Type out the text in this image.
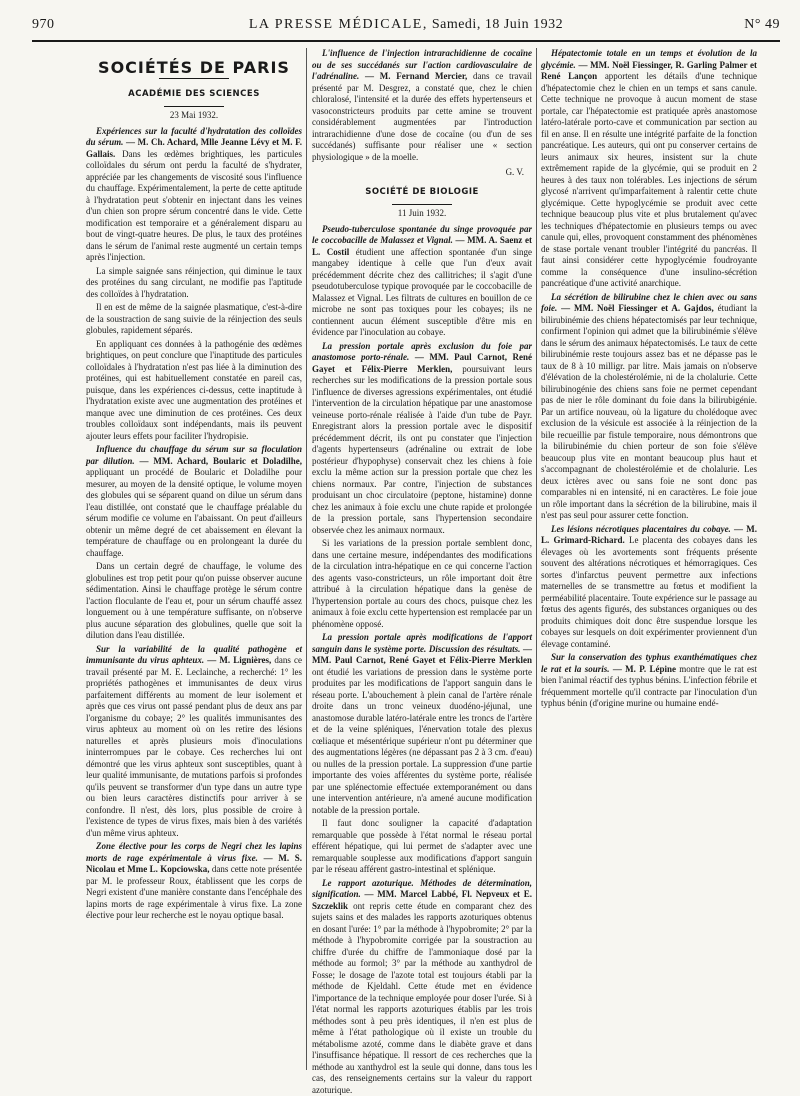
970	LA PRESSE MÉDICALE, Samedi, 18 Juin 1932	N° 49
SOCIÉTÉS DE PARIS
ACADÉMIE DES SCIENCES
23 Mai 1932.

Expériences sur la faculté d'hydratation des colloïdes du sérum. — M. Ch. Achard, Mlle Jeanne Lévy et M. F. Gallais. Dans les œdèmes brightiques, les particules colloïdales du sérum ont perdu la faculté de s'hydrater, appréciée par les changements de viscosité sous l'influence du chauffage. Expérimentalement, la perte de cette aptitude à l'hydratation peut s'obtenir en injectant dans les veines d'un chien son propre sérum concentré dans le vide. Cette modification est temporaire et a généralement disparu au bout de vingt-quatre heures. De plus, le taux des protéines dans le sérum de l'animal reste augmenté un certain temps après l'injection.

La simple saignée sans réinjection, qui diminue le taux des protéines du sang circulant, ne modifie pas l'aptitude des colloïdes à l'hydratation.

Il en est de même de la saignée plasmatique, c'est-à-dire de la soustraction de sang suivie de la réinjection des seuls globules, rapidement séparés.

En appliquant ces données à la pathogénie des œdèmes brightiques, on peut conclure que l'inaptitude des particules colloïdales à l'hydratation n'est pas liée à la diminution des protéines, qui est habituellement constatée en pareil cas, puisque, dans les expériences ci-dessus, cette inaptitude à l'hydratation existe avec une augmentation des protéines et manque avec une diminution de ces protéines. Ces deux troubles colloïdaux sont indépendants, mais ils peuvent ajouter leurs effets pour faciliter l'hydropisie.

Influence du chauffage du sérum sur sa floculation par dilution. — MM. Achard, Boularic et Doladilhe, appliquant un procédé de Boularic et Doladilhe pour mesurer, au moyen de la densité optique, le volume moyen des globules qui se séparent quand on dilue un sérum dans l'eau distillée, ont constaté que le chauffage préalable du sérum modifie ce volume en l'abaissant. On peut d'ailleurs obtenir un même degré de cet abaissement en élevant la température de chauffage ou en prolongeant la durée du chauffage.

Dans un certain degré de chauffage, le volume des globulines est trop petit pour qu'on puisse observer aucune sédimentation. Ainsi le chauffage protège le sérum contre l'action floculante de l'eau et, pour un sérum chauffé assez longuement ou à une température suffisante, on n'observe plus aucune séparation des globulines, quelle que soit la dilution dans l'eau distillée.

Sur la variabilité de la qualité pathogène et immunisante du virus aphteux. — M. Lignières, dans ce travail présenté par M. E. Leclainche, a recherché: 1° les propriétés pathogènes et immunisantes de deux virus parfaitement différents au moment de leur isolement et après que ces virus ont passé pendant plus de deux ans par l'organisme du cobaye; 2° les qualités immunisantes des virus aphteux au moment où on les retire des lésions naturelles et après plusieurs mois d'inoculations ininterrompues par le cobaye. Ces recherches lui ont démontré que les virus aphteux sont susceptibles, quant à leur qualité immunisante, de mutations parfois si profondes qu'ils peuvent se transformer d'un type dans un autre type ou bien leurs caractères distinctifs pour arriver à se confondre. Il n'est, dès lors, plus possible de croire à l'existence de types de virus fixes, mais bien à des variétés d'un même virus aphteux.

Zone élective pour les corps de Negri chez les lapins morts de rage expérimentale à virus fixe. — M. S. Nicolau et Mme L. Kopciowska, dans cette note présentée par M. le professeur Roux, établissent que les corps de Negri existent d'une manière constante dans l'encéphale des lapins morts de rage expérimentale à virus fixe. La zone élective pour leur recherche est le noyau optique basal.

L'influence de l'injection intrarachidienne de cocaïne ou de ses succédanés sur l'action cardiovasculaire de l'adrénaline. — M. Fernand Mercier, dans ce travail présenté par M. Desgrez, a constaté que, chez le chien chloralosé, l'intensité et la durée des effets hypertenseurs et vasoconstricteurs produits par cette amine se trouvent considérablement augmentées par l'introduction intrarachidienne d'une dose de cocaïne (ou d'un de ses succédanés) suffisante pour réaliser une « section physiologique » de la moelle.

G. V.
SOCIÉTÉ DE BIOLOGIE
11 Juin 1932.

Pseudo-tuberculose spontanée du singe provoquée par le coccobacille de Malassez et Vignal. — MM. A. Saenz et L. Costil étudient une affection spontanée d'un singe mangabey identique à celle que l'un d'eux avait précédemment décrite chez des callitriches; il s'agit d'une pseudotuberculose typique provoquée par le coccobacille de Malassez et Vignal. Les filtrats de cultures en bouillon de ce microbe ne sont pas toxiques pour les cobayes; ils ne contiennent aucun élément susceptible d'être mis en évidence par l'inoculation au cobaye.

La pression portale après exclusion du foie par anastomose porto-rénale. — MM. Paul Carnot, René Gayet et Félix-Pierre Merklen, poursuivant leurs recherches sur les modifications de la pression portale sous l'influence de diverses agressions expérimentales, ont étudié l'intervention de la circulation hépatique par une anastomose veineuse porto-rénale réalisée à l'aide d'un tube de Payr. Enregistrant alors la pression portale avec le dispositif précédemment décrit, ils ont pu constater que l'injection d'agents hypertenseurs (adrénaline ou extrait de lobe postérieur d'hypophyse) conservait chez les chiens à foie exclu la même action sur la pression portale que chez les chiens normaux. Par contre, l'injection de substances produisant un choc circulatoire (peptone, histamine) donne chez les animaux à foie exclu une chute rapide et prolongée de la pression portale, sans l'hypertension secondaire observée chez les animaux normaux.

Si les variations de la pression portale semblent donc, dans une certaine mesure, indépendantes des modifications de la circulation intra-hépatique en ce qui concerne l'action des agents vaso-constricteurs, un rôle important doit être attribué à la circulation hépatique dans la genèse de l'hypertension portale au cours des chocs, puisque chez les animaux à foie exclu cette hypertension est remplacée par un phénomène opposé.

La pression portale après modifications de l'apport sanguin dans le système porte. Discussion des résultats. — MM. Paul Carnot, René Gayet et Félix-Pierre Merklen ont étudié les variations de pression dans le système porte produites par les modifications de l'apport sanguin dans le réseau porte. L'abouchement à plein canal de l'artère rénale droite dans un tronc veineux duodéno-jéjunal, une anastomose durable latéro-latérale entre les troncs de l'artère et de la veine spléniques, l'énervation totale des plexus cœliaque et mésentérique supérieur n'ont pu déterminer que des augmentations légères (ne dépassant pas 2 à 3 cm. d'eau) ou nulles de la pression portale. La suppression d'une partie importante des voies afférentes du système porte, réalisée par une splénectomie effectuée extemporanément ou dans une intervention antérieure, n'a amené aucune modification notable de la pression portale.

Il faut donc souligner la capacité d'adaptation remarquable que possède à l'état normal le réseau portal efférent hépatique, qui lui permet de s'adapter avec une remarquable souplesse aux modifications d'apport sanguin par le réseau afférent gastro-intestinal et splénique.

Le rapport azoturique. Méthodes de détermination, signification. — MM. Marcel Labbé, Fl. Nepveux et E. Szczeklik ont repris cette étude en comparant chez des sujets sains et des malades les rapports azoturiques obtenus en dosant l'urée: 1° par la méthode à l'hypobromite; 2° par la méthode à l'hypobromite corrigée par la soustraction au chiffre d'urée du chiffre de l'ammoniaque dosé par la méthode au formol; 3° par la méthode au xanthydrol de Fosse; le dosage de l'azote total est toujours établi par la méthode de Kjeldahl. Cette étude met en évidence l'importance de la technique employée pour doser l'urée. Si à l'état normal les rapports azoturiques établis par les trois méthodes sont à peu près identiques, il n'en est plus de même à l'état pathologique où il existe un trouble du métabolisme azoté, comme dans le diabète grave et dans l'insuffisance hépatique. Il ressort de ces recherches que la méthode au xanthydrol est la seule qui donne, dans tous les cas, des renseignements certains sur la valeur du rapport azoturique.

Hépatectomie totale en un temps et évolution de la glycémie. — MM. Noël Fiessinger, R. Garling Palmer et René Lançon apportent les détails d'une technique d'hépatectomie chez le chien en un temps et sans canule. Cette technique ne provoque à aucun moment de stase portale, car l'hépatectomie est pratiquée après anastomose latéro-latérale porto-cave et communication par section au fil en anse. Il en résulte une intégrité parfaite de la fonction pancréatique. Les auteurs, qui ont pu conserver certains de leurs animaux six heures, insistent sur la chute extrêmement rapide de la glycémie, qui se produit en 2 heures à des taux non tolérables. Les injections de sérum glycosé n'arrivent qu'imparfaitement à ralentir cette chute glycémique. Cette hypoglycémie se produit avec cette technique beaucoup plus vite et plus brutalement qu'avec les techniques d'hépatectomie en plusieurs temps ou avec canule qui, elles, provoquent constamment des phénomènes de stase portale venant troubler l'intégrité du pancréas. Il faut ainsi considérer cette hypoglycémie foudroyante comme la conséquence d'une insulino-sécrétion pancréatique d'une activité anarchique.

La sécrétion de bilirubine chez le chien avec ou sans foie. — MM. Noël Fiessinger et A. Gajdos, étudiant la bilirubinémie des chiens hépatectomisés par leur technique, confirment l'opinion qui admet que la bilirubinémie s'élève dans le sérum des animaux hépatectomisés. Le taux de cette bilirubinémie reste toujours assez bas et ne dépasse pas le taux de 8 à 10 milligr. par litre. Mais jamais on n'observe d'élévation de la cholestérolémie, ni de la cholalurie. Cette bilirubinogénie des chiens sans foie ne permet cependant pas de nier le rôle dominant du foie dans la bilirubigénie. Par un artifice nouveau, où la ligature du cholédoque avec exclusion de la vésicule est associée à la réinjection de la bile recueillie par fistule temporaire, nous démontrons que la bilirubinémie du chien porteur de son foie s'élève beaucoup plus vite en montant beaucoup plus haut et s'accompagnant de cholestérolémie et de cholalurie. Les deux ictères avec ou sans foie ne sont donc pas comparables ni en intensité, ni en caractères. Le foie joue un rôle important dans la sécrétion de la bilirubine, mais il n'est pas seul pour assurer cette fonction.

Les lésions nécrotiques placentaires du cobaye. — M. L. Grimard-Richard. Le placenta des cobayes dans les élevages où les avortements sont fréquents présente souvent des altérations nécrotiques et hémorragiques. Ces sortes d'infarctus peuvent permettre aux infections maternelles de se transmettre au fœtus et modifient la perméabilité placentaire. Toute expérience sur le passage au fœtus des agents figurés, des substances organiques ou des produits chimiques doit donc être suspendue lorsque les cobayes sur lesquels on doit expérimenter proviennent d'un élevage contaminé.

Sur la conservation des typhus exanthématiques chez le rat et la souris. — M. P. Lépine montre que le rat est bien l'animal réactif des typhus bénins. L'infection fébrile et fréquemment mortelle qu'il contracte par l'inoculation d'un typhus bénin (d'origine murine ou humaine endé-
